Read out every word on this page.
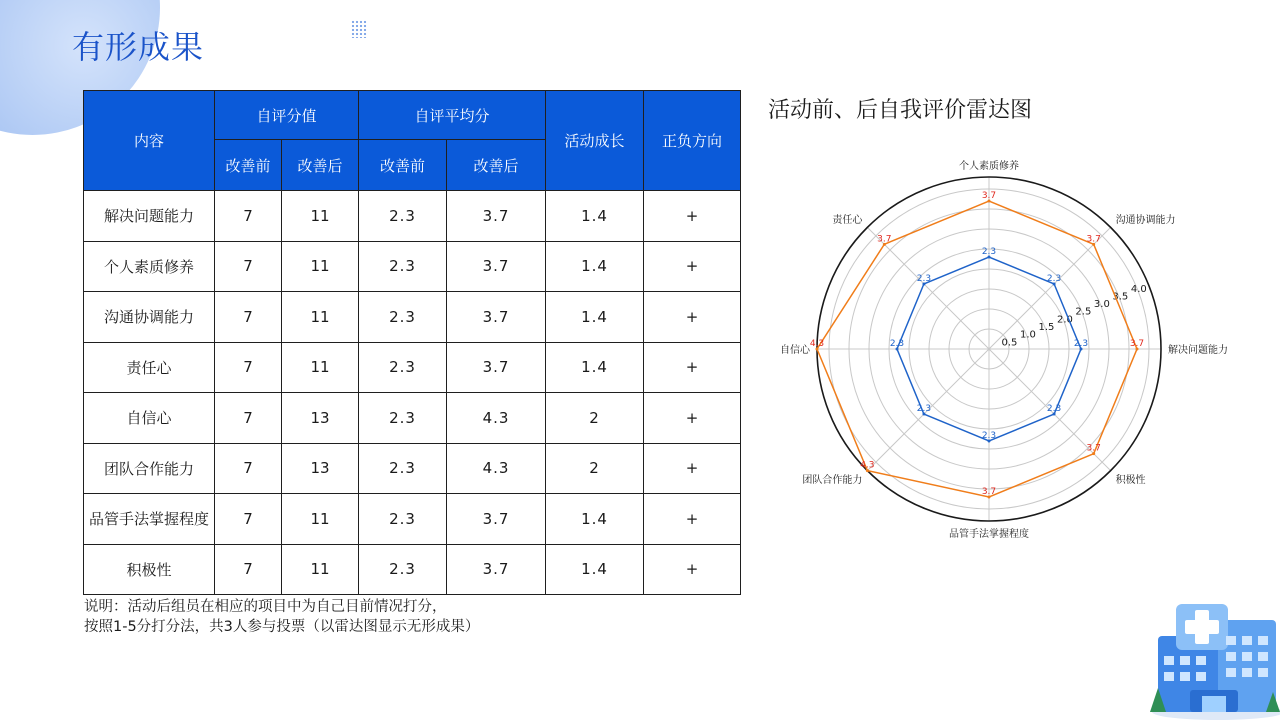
有形成果
内容	自评分值		自评平均分		活动成长	正负方向
	改善前	改善后	改善前	改善后		
解决问题能力	7	11	2.3	3.7	1.4	+
个人素质修养	7	11	2.3	3.7	1.4	+
沟通协调能力	7	11	2.3	3.7	1.4	+
责任心	7	11	2.3	3.7	1.4	+
自信心	7	13	2.3	4.3	2	+
团队合作能力	7	13	2.3	4.3	2	+
品管手法掌握程度	7	11	2.3	3.7	1.4	+
积极性	7	11	2.3	3.7	1.4	+
说明：活动后组员在相应的项目中为自己目前情况打分，
按照1-5分打分法，共3人参与投票（以雷达图显示无形成果）
活动前、后自我评价雷达图
0.5
1.0
1.5
2.0
2.5
3.0
3.5
4.0
解决问题能力
沟通协调能力
个人素质修养
责任心
自信心
团队合作能力
品管手法掌握程度
积极性
2.3
2.3
2.3
2.3
2.3
2.3
2.3
2.3
3.7
3.7
3.7
3.7
4.3
4.3
3.7
3.7
